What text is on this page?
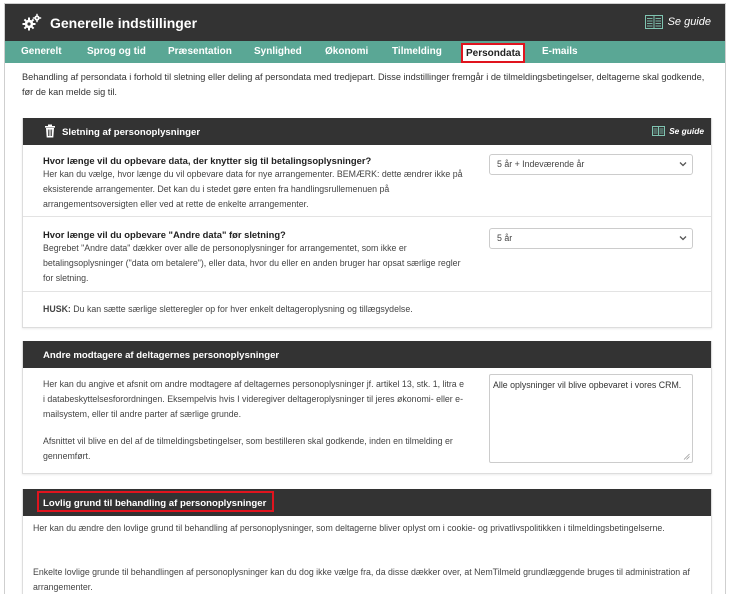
Generelle indstillinger	Se guide
Generelt	Sprog og tid Præsentation Synlighed Økonomi Tilmelding	Persondata	E-mails

Behandling af persondata i forhold til sletning eller deling af persondata med tredjepart. Disse indstillinger fremgår i de tilmeldingsbetingelser, deltagerne skal godkende, før de kan melde sig til.

Sletning af personoplysninger	Se guide
Hvor længe vil du opbevare data, der knytter sig til betalingsoplysninger?

Her kan du vælge, hvor længe du vil opbevare data for nye arrangementer. BEMÆRK: dette ændrer ikke på eksisterende arrangementer. Det kan du i stedet gøre enten fra handlingsrullemenuen på arrangementsoversigten eller ved at rette de enkelte arrangementer.

5 år + Indeværende år
Hvor længe vil du opbevare "Andre data" før sletning?

Begrebet "Andre data" dækker over alle de personoplysninger for arrangementet, som ikke er betalingsoplysninger ("data om betalere"), eller data, hvor du eller en anden bruger har opsat særlige regler for sletning.

5 år

HUSK: Du kan sætte særlige sletteregler op for hver enkelt deltageroplysning og tillægsydelse.

Andre modtagere af deltagernes personoplysninger

Her kan du angive et afsnit om andre modtagere af deltagernes personoplysninger jf. artikel 13, stk. 1, litra e i databeskyttelsesforordningen. Eksempelvis hvis I videregiver deltageroplysninger til jeres økonomi- eller e-mailsystem, eller til andre parter af særlige grunde.

Afsnittet vil blive en del af de tilmeldingsbetingelser, som bestilleren skal godkende, inden en tilmelding er gennemført.

Alle oplysninger vil blive opbevaret i vores CRM.
Lovlig grund til behandling af personoplysninger

Her kan du ændre den lovlige grund til behandling af personoplysninger, som deltagerne bliver oplyst om i cookie- og privatlivspolitikken i tilmeldingsbetingelserne.

Enkelte lovlige grunde til behandlingen af personoplysninger kan du dog ikke vælge fra, da disse dækker over, at NemTilmeld grundlæggende bruges til administration af arrangementer.
